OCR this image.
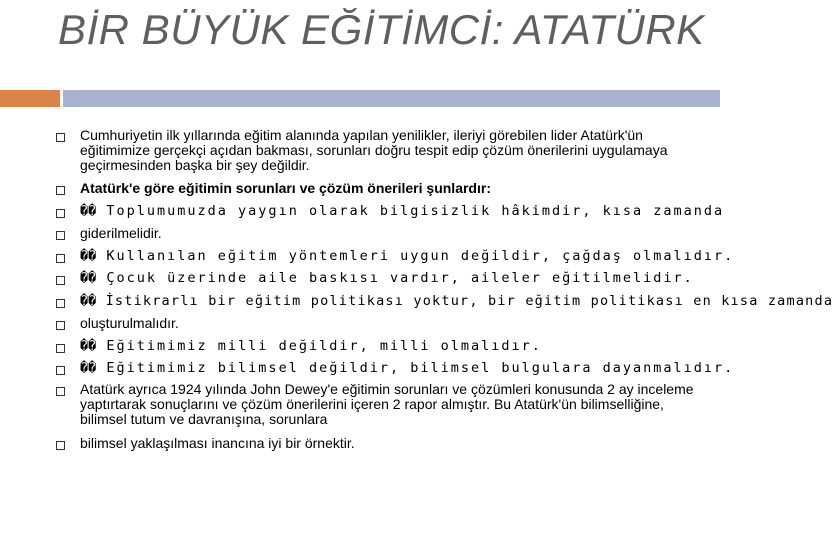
BİR BÜYÜK EĞİTİMCİ: ATATÜRK
Cumhuriyetin ilk yıllarında eğitim alanında yapılan yenilikler, ileriyi görebilen lider Atatürk'ün eğitimimize gerçekçi açıdan bakması, sorunları doğru tespit edip çözüm önerilerini uygulamaya geçirmesinden başka bir şey değildir.
Atatürk'e göre eğitimin sorunları ve çözüm önerileri şunlardır:
�� Toplumumuzda yaygın olarak bilgisizlik hâkimdir, kısa zamanda
giderilmelidir.
�� Kullanılan eğitim yöntemleri uygun değildir, çağdaş olmalıdır.
�� Çocuk üzerinde aile baskısı vardır, aileler eğitilmelidir.
�� İstikrarlı bir eğitim politikası yoktur, bir eğitim politikası en kısa zamanda
oluşturulmalıdır.
�� Eğitimimiz milli değildir, milli olmalıdır.
�� Eğitimimiz bilimsel değildir, bilimsel bulgulara dayanmalıdır.
Atatürk ayrıca 1924 yılında John Dewey'e eğitimin sorunları ve çözümleri konusunda 2 ay inceleme yaptırtarak sonuçlarını ve çözüm önerilerini içeren 2 rapor almıştır. Bu Atatürk'ün bilimselliğine, bilimsel tutum ve davranışına, sorunlara
bilimsel yaklaşılması inancına iyi bir örnektir.
